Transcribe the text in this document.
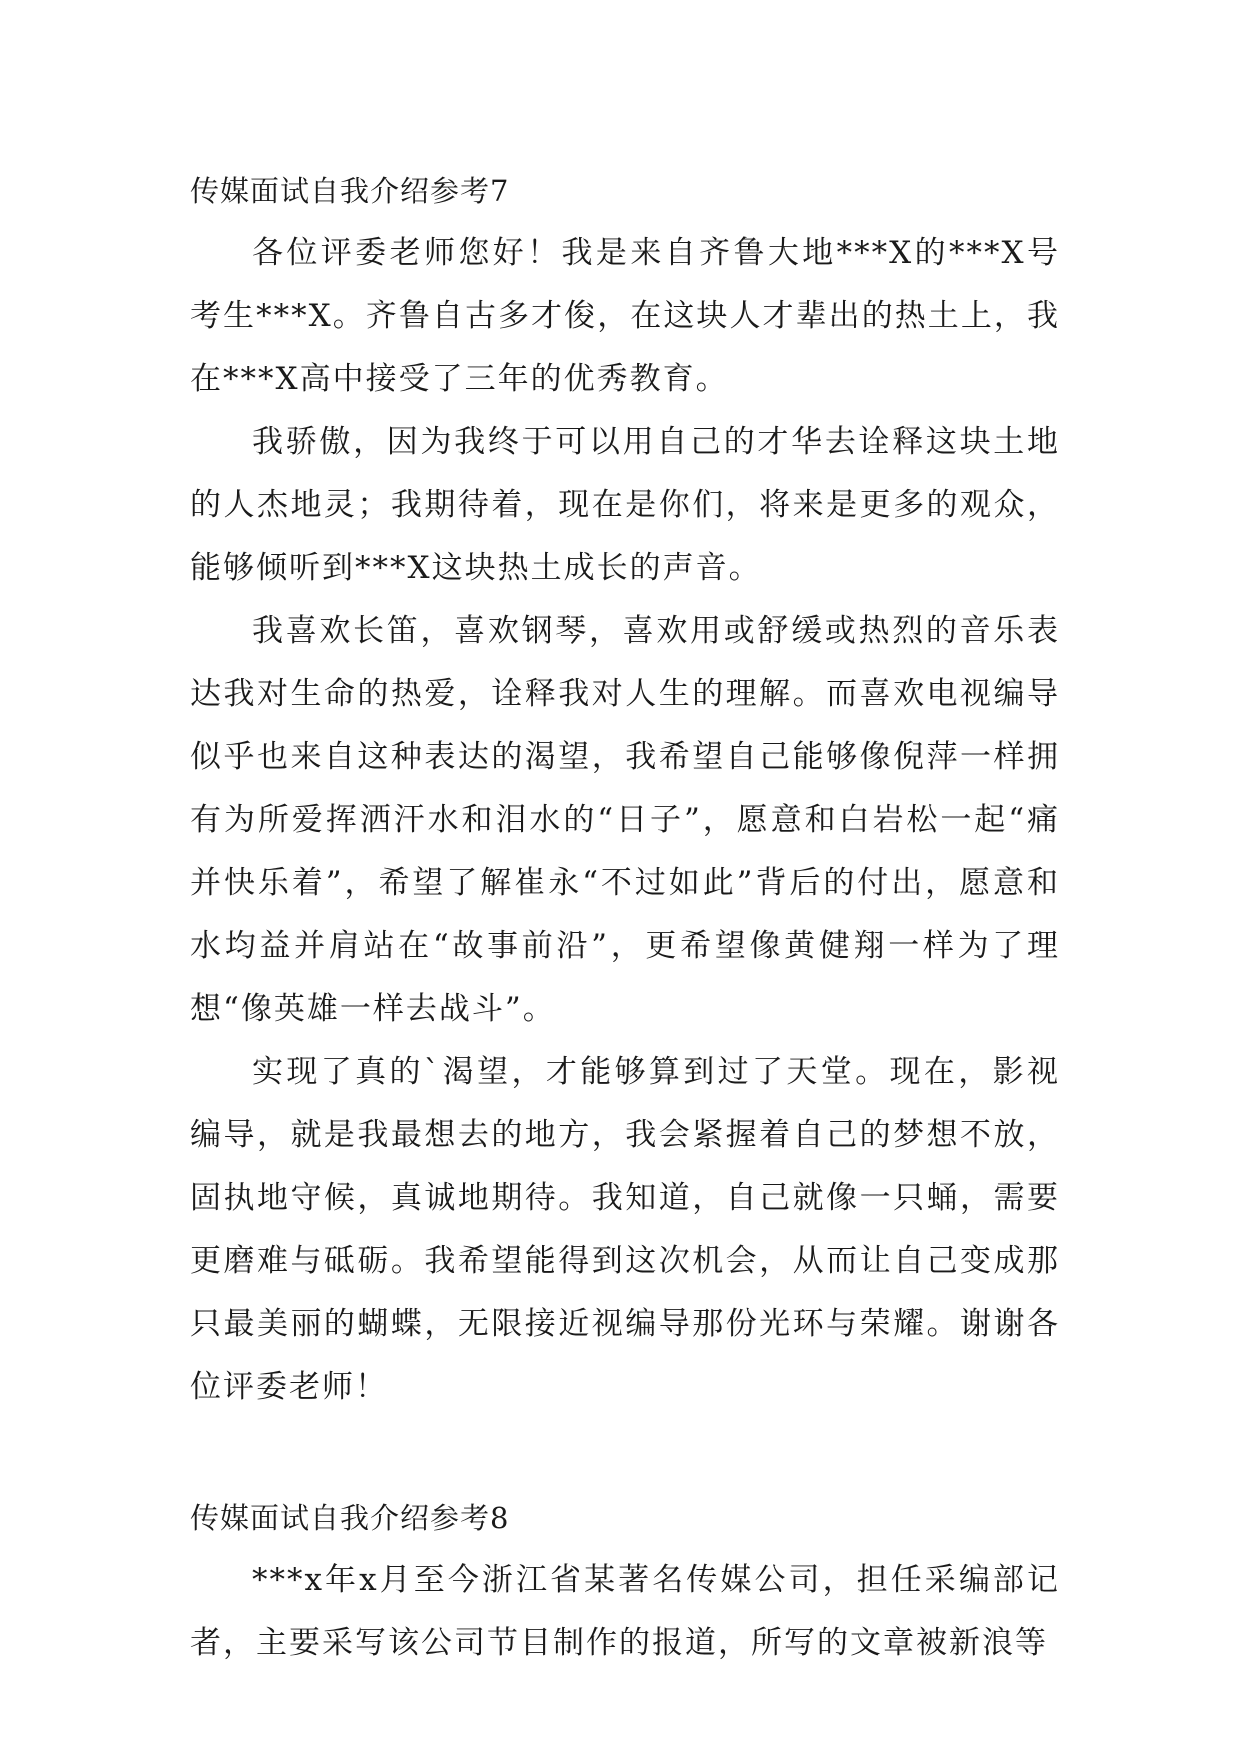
传媒面试自我介绍参考7

各位评委老师您好！我是来自齐鲁大地***X的***X号考生***X。齐鲁自古多才俊，在这块人才辈出的热土上，我在***X高中接受了三年的优秀教育。

我骄傲，因为我终于可以用自己的才华去诠释这块土地的人杰地灵；我期待着，现在是你们，将来是更多的观众，能够倾听到***X这块热土成长的声音。

我喜欢长笛，喜欢钢琴，喜欢用或舒缓或热烈的音乐表达我对生命的热爱，诠释我对人生的理解。而喜欢电视编导似乎也来自这种表达的渴望，我希望自己能够像倪萍一样拥有为所爱挥洒汗水和泪水的“日子”，愿意和白岩松一起“痛并快乐着”，希望了解崔永“不过如此”背后的付出，愿意和水均益并肩站在“故事前沿”，更希望像黄健翔一样为了理想“像英雄一样去战斗”。

实现了真的`渴望，才能够算到过了天堂。现在，影视编导，就是我最想去的地方，我会紧握着自己的梦想不放，固执地守候，真诚地期待。我知道，自己就像一只蛹，需要更磨难与砥砺。我希望能得到这次机会，从而让自己变成那只最美丽的蝴蝶，无限接近视编导那份光环与荣耀。谢谢各位评委老师！

传媒面试自我介绍参考8

***x年x月至今浙江省某著名传媒公司，担任采编部记者，主要采写该公司节目制作的报道，所写的文章被新浪等
